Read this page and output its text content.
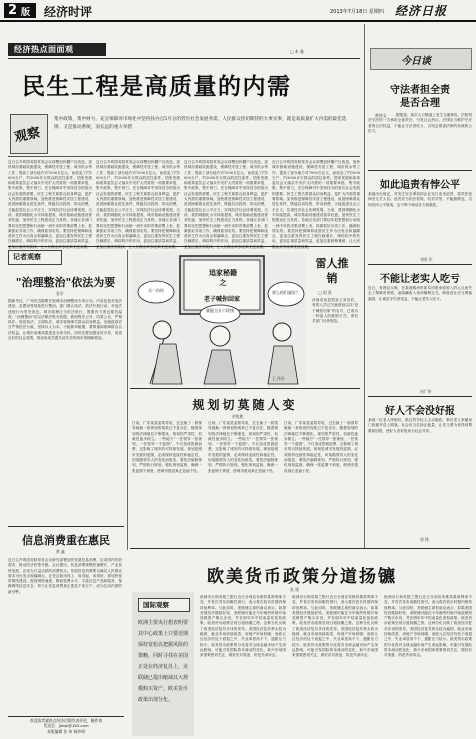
2 版 经济时评	2013年7月18日 星期四 经济日报
经济热点面面观	□ 本 遇
民生工程是高质量的内需
观察
集中政策，集中财力，充分保障对市场化中坚持扶办点5月分的营历社会发展务需，人民群众热切期待的大事实事，就是高质量扩大内需的最佳选择，又是推动系统，而长远的重大举措
近日召开的国务院常务会议部署加快棚户区改造，加快城市基础设施建设，保障性安居工程、城市供水等工作；提高了部分地方对7000万亿元，而改变了约1000万户、约3000多万群众的居住条件。国家发展和改革委员会又落实中央扩大内需的一项重要举措，集中政策，集中财力，充分保障对中坚持扶办的营历社会发展的需要。民生工程关系群众切身利益，是扩大内需的重要领域。加快推进保障性安居工程建设，改善困难群众居住条件，既能拉动投资、带动消费，又能促进社会公平正义，实现经济社会协调发展。当前，我国城镇化水平持续提高，城市基础设施建设需求旺盛，加快民生工程建设正当其时。各地区各部门要切实把思想和行动统一到中央的决策部署上来，抓紧抓好各项工作，确保取得实效。要坚持把保障和改善民生作为出发点和落脚点，更加注重发挥民生工程在稳增长、调结构中的作用，更加注重质量和效益，
近日召开的国务院常务会议部署加快棚户区改造，加快城市基础设施建设，保障性安居工程、城市供水等工作；提高了部分地方对7000万亿元，而改变了约1000万户、约3000多万群众的居住条件。国家发展和改革委员会又落实中央扩大内需的一项重要举措，集中政策，集中财力，充分保障对中坚持扶办的营历社会发展的需要。民生工程关系群众切身利益，是扩大内需的重要领域。加快推进保障性安居工程建设，改善困难群众居住条件，既能拉动投资、带动消费，又能促进社会公平正义，实现经济社会协调发展。当前，我国城镇化水平持续提高，城市基础设施建设需求旺盛，加快民生工程建设正当其时。各地区各部门要切实把思想和行动统一到中央的决策部署上来，抓紧抓好各项工作，确保取得实效。要坚持把保障和改善民生作为出发点和落脚点，更加注重发挥民生工程在稳增长、调结构中的作用，更加注重质量和效益，
近日召开的国务院常务会议部署加快棚户区改造，加快城市基础设施建设，保障性安居工程、城市供水等工作；提高了部分地方对7000万亿元，而改变了约1000万户、约3000多万群众的居住条件。国家发展和改革委员会又落实中央扩大内需的一项重要举措，集中政策，集中财力，充分保障对中坚持扶办的营历社会发展的需要。民生工程关系群众切身利益，是扩大内需的重要领域。加快推进保障性安居工程建设，改善困难群众居住条件，既能拉动投资、带动消费，又能促进社会公平正义，实现经济社会协调发展。当前，我国城镇化水平持续提高，城市基础设施建设需求旺盛，加快民生工程建设正当其时。各地区各部门要切实把思想和行动统一到中央的决策部署上来，抓紧抓好各项工作，确保取得实效。要坚持把保障和改善民生作为出发点和落脚点，更加注重发挥民生工程在稳增长、调结构中的作用，更加注重质量和效益，
近日召开的国务院常务会议部署加快棚户区改造，加快城市基础设施建设，保障性安居工程、城市供水等工作；提高了部分地方对7000万亿元，而改变了约1000万户、约3000多万群众的居住条件。国家发展和改革委员会又落实中央扩大内需的一项重要举措，集中政策，集中财力，充分保障对中坚持扶办的营历社会发展的需要。民生工程关系群众切身利益，是扩大内需的重要领域。加快推进保障性安居工程建设，改善困难群众居住条件，既能拉动投资、带动消费，又能促进社会公平正义，实现经济社会协调发展。当前，我国城镇化水平持续提高，城市基础设施建设需求旺盛，加快民生工程建设正当其时。各地区各部门要切实把思想和行动统一到中央的决策部署上来，抓紧抓好各项工作，确保取得实效。要坚持把保障和改善民生作为出发点和落脚点，更加注重发挥民生工程在稳增长、调结构中的作用，更加注重质量和效益，更加注重统筹兼顾，让人民
记者观察
"治理整治"依法为要
张学
据新华社，广州市近期要开展城市治理整治专项行动，内容包括对违法建设、乱摆卖等现象进行整治。部门联合执法，依法开展行动，对违法违规行为坚决查处。城市管理应当依法进行，既要有力度也要有温度。"治理整治"应以法律法规为依据，做到程序公开、结果公正，严格执法、规范执法、文明执法。城市管理事关群众切身利益，各级政府应当严格依法行政，坚持以人为本，不能简单粗暴，要尊重和保障群众合法权益，让城市治理成果惠及全体市民。同时还要加强宣传引导，营造良好的社会氛围，推动形成共建共治共享的城市管理新格局。
信息消费重在惠民
黄 鑫
近日召开的国务院常务会议研究部署加快发展信息消费，拉动国内有效需求，推动经济转型升级。会议提出，信息消费规模快速增长，产业加快发展，正成为日益活跃的消费热点。发展信息消费要以满足人民群众需求为出发点和落脚点，让老百姓用得上、用得起、用得好。要加快宽带网络建设，提高网络速度，降低资费水平，丰富信息产品和服务，保障网络信息安全，努力让信息消费真正惠及千家万户，成为拉动内需的新引擎。
欢迎读者就热点经济话题发表评论，稿件请
发送至：jjrbpl@163.com
本版编辑 张 伟 杨冲明
追家秘籍
之
老子喊你回家
买一份你
就能当五六块钱
要么你们就好？
王 作作
雷人推销
□ 胡 蓉
河南省某县招录公务员后，有的人员过关就被冠以以"老子喊你回家"的名号，已成为一种雷人的推销方式，请有关部门尽快规范。
规划切莫随人变
余锐熙
日前，广东某县委领导说，过去换了一届领导就换一套规划的现象已不复存在，随着规划的法律地位不断强化，规划的严肃性、权威性逐步树立。一些地方"一任领导一张规划，一任领导一个蓝图"，不仅造成资源浪费，还影响了城市的可持续发展。规划是城市发展的蓝图，必须保持连续性和稳定性，切莫随领导人的变化而改变。要依法编制规划，严格执行规划，强化规划监督，确保一张蓝图干到底，使城市建设真正造福于民。
日前，广东某县委领导说，过去换了一届领导就换一套规划的现象已不复存在，随着规划的法律地位不断强化，规划的严肃性、权威性逐步树立。一些地方"一任领导一张规划，一任领导一个蓝图"，不仅造成资源浪费，还影响了城市的可持续发展。规划是城市发展的蓝图，必须保持连续性和稳定性，切莫随领导人的变化而改变。要依法编制规划，严格执行规划，强化规划监督，确保一张蓝图干到底，使城市建设真正造福于民。
日前，广东某县委领导说，过去换了一届领导就换一套规划的现象已不复存在，随着规划的法律地位不断强化，规划的严肃性、权威性逐步树立。一些地方"一任领导一张规划，一任领导一个蓝图"，不仅造成资源浪费，还影响了城市的可持续发展。规划是城市发展的蓝图，必须保持连续性和稳定性，切莫随领导人的变化而改变。要依法编制规划，严格执行规划，强化规划监督，确保一张蓝图干到底，使城市建设真正造福于民。
今日谈
守法者担全责
是否合理
黄钟文	据报道，某市人行横道上发生交通事故，法院判决守法的一方承担全部责任，引发社会热议。法律应当维护守法者的合法权益，不能让守法者吃亏，否则会损害法律的权威和公信力。
如此追责有悖公平
某地出台规定，对发生安全事故的企业实行连坐追责，将责任延伸至无关人员。追责应当依法依规，权责对等，不能搞株连，否则有悖公平原则，也不利于调动各方积极性。
刘贵 军
不能让老实人吃亏
近日，有网友反映，在某地购房时如实申报家庭收入的人反而失去了保障房资格，而隐瞒收入者却顺利过关。制度设计应当堵塞漏洞，让诚实守信者受益，不能让老实人吃亏。
何广华
好人不会没好报
某地一位老人摔倒后，路过的年轻人主动施救，事后老人家属登门致谢并送上锦旗。社会应当弘扬正能量，让见义勇为者得到尊重和回报，使好人有好报成为社会共识。
郭 锋
欧美货币政策分道扬镳
张 建
国际观察
欧洲主要央行想表明要其中心政策上只要近期保持宽松以把握风险的策略，同时寻找在美国正处在经济复苏上，美联储已提出缩减其大规模购买资产，欧美货币政策出现分化。
欧洲央行和英格兰银行近日分别宣布维持基准利率不变，并首次发布前瞻性指引，表示将在较长时期内保持低利率。与此同时，美联储主席伯南克表示，如果美国经济继续好转，美联储可能在今年晚些时候开始放缓资产购买步伐，并在明年年中结束量化宽松政策。欧美货币政策呈现分道扬镳之势。这种分化反映了欧美经济复苏步伐的差异。美国经济复苏势头较为稳固，就业市场持续改善，房地产市场回暖；而欧元区经济仍处于衰退之中，失业率居高不下，通胀压力较小。欧美货币政策的分化将对全球金融市场产生深远影响，可能引发国际资本流动的变化，新兴市场国家需要密切关注，做好应对准备，防范外部冲击。
欧洲央行和英格兰银行近日分别宣布维持基准利率不变，并首次发布前瞻性指引，表示将在较长时期内保持低利率。与此同时，美联储主席伯南克表示，如果美国经济继续好转，美联储可能在今年晚些时候开始放缓资产购买步伐，并在明年年中结束量化宽松政策。欧美货币政策呈现分道扬镳之势。这种分化反映了欧美经济复苏步伐的差异。美国经济复苏势头较为稳固，就业市场持续改善，房地产市场回暖；而欧元区经济仍处于衰退之中，失业率居高不下，通胀压力较小。欧美货币政策的分化将对全球金融市场产生深远影响，可能引发国际资本流动的变化，新兴市场国家需要密切关注，做好应对准备，防范外部冲击。
欧洲央行和英格兰银行近日分别宣布维持基准利率不变，并首次发布前瞻性指引，表示将在较长时期内保持低利率。与此同时，美联储主席伯南克表示，如果美国经济继续好转，美联储可能在今年晚些时候开始放缓资产购买步伐，并在明年年中结束量化宽松政策。欧美货币政策呈现分道扬镳之势。这种分化反映了欧美经济复苏步伐的差异。美国经济复苏势头较为稳固，就业市场持续改善，房地产市场回暖；而欧元区经济仍处于衰退之中，失业率居高不下，通胀压力较小。欧美货币政策的分化将对全球金融市场产生深远影响，可能引发国际资本流动的变化，新兴市场国家需要密切关注，做好应对准备，防范外部冲击。
